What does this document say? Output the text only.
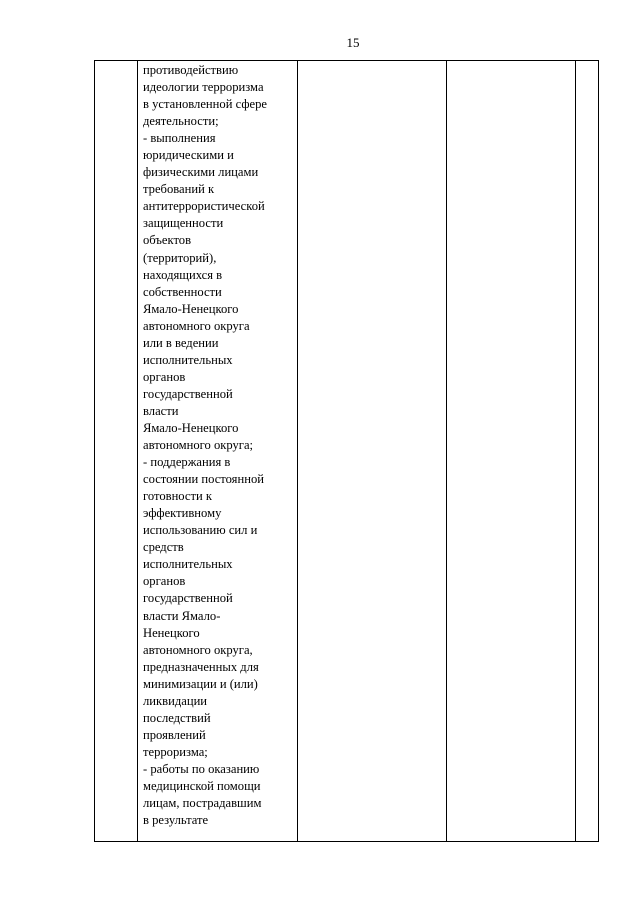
15

противодействию
идеологии терроризма
в установленной сфере
деятельности;
- выполнения
юридическими и
физическими лицами
требований к
антитеррористической
защищенности
объектов
(территорий),
находящихся в
собственности
Ямало-Ненецкого
автономного округа
или в ведении
исполнительных
органов
государственной
власти
Ямало-Ненецкого
автономного округа;
- поддержания в
состоянии постоянной
готовности к
эффективному
использованию сил и
средств
исполнительных
органов
государственной
власти Ямало-
Ненецкого
автономного округа,
предназначенных для
минимизации и (или)
ликвидации
последствий
проявлений
терроризма;
- работы по оказанию
медицинской помощи
лицам, пострадавшим
в результате
